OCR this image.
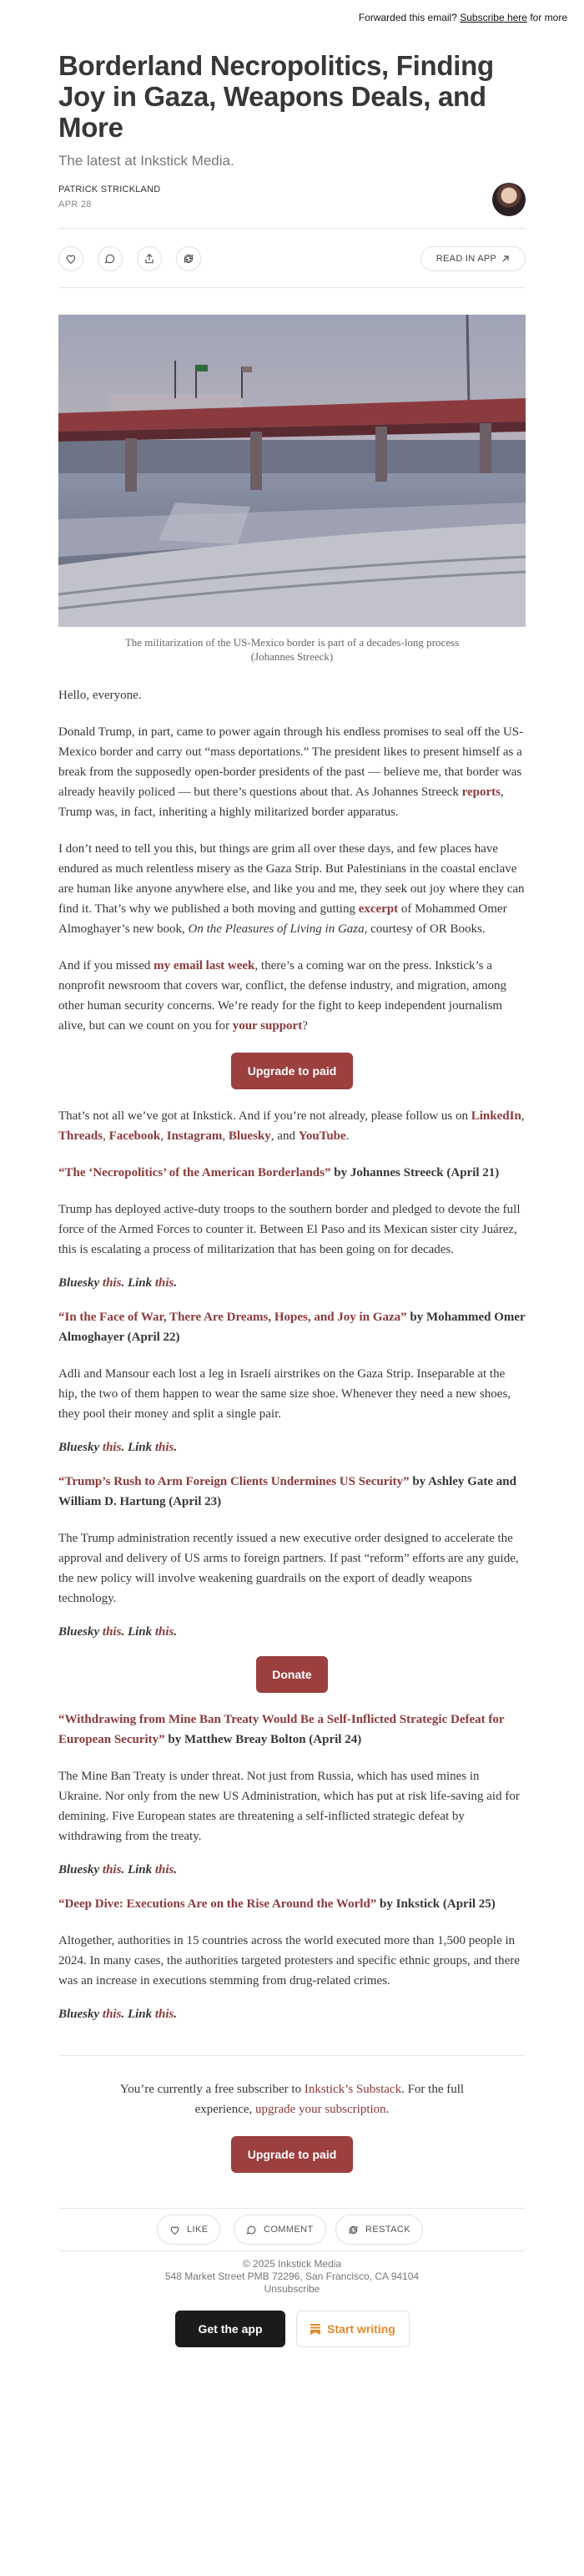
Forwarded this email? Subscribe here for more
Borderland Necropolitics, Finding Joy in Gaza, Weapons Deals, and More
The latest at Inkstick Media.
PATRICK STRICKLAND
APR 28
READ IN APP
The militarization of the US-Mexico border is part of a decades-long process (Johannes Streeck)

Hello, everyone.

Donald Trump, in part, came to power again through his endless promises to seal off the US-Mexico border and carry out “mass deportations.” The president likes to present himself as a break from the supposedly open-border presidents of the past — believe me, that border was already heavily policed — but there’s questions about that. As Johannes Streeck reports, Trump was, in fact, inheriting a highly militarized border apparatus.

I don’t need to tell you this, but things are grim all over these days, and few places have endured as much relentless misery as the Gaza Strip. But Palestinians in the coastal enclave are human like anyone anywhere else, and like you and me, they seek out joy where they can find it. That’s why we published a both moving and gutting excerpt of Mohammed Omer Almoghayer’s new book, On the Pleasures of Living in Gaza, courtesy of OR Books.

And if you missed my email last week, there’s a coming war on the press. Inkstick’s a nonprofit newsroom that covers war, conflict, the defense industry, and migration, among other human security concerns. We’re ready for the fight to keep independent journalism alive, but can we count on you for your support?

Upgrade to paid

That’s not all we’ve got at Inkstick. And if you’re not already, please follow us on LinkedIn, Threads, Facebook, Instagram, Bluesky, and YouTube.

“The ‘Necropolitics’ of the American Borderlands” by Johannes Streeck (April 21)

Trump has deployed active-duty troops to the southern border and pledged to devote the full force of the Armed Forces to counter it. Between El Paso and its Mexican sister city Juárez, this is escalating a process of militarization that has been going on for decades.

Bluesky this. Link this.

“In the Face of War, There Are Dreams, Hopes, and Joy in Gaza” by Mohammed Omer Almoghayer (April 22)

Adli and Mansour each lost a leg in Israeli airstrikes on the Gaza Strip. Inseparable at the hip, the two of them happen to wear the same size shoe. Whenever they need a new shoes, they pool their money and split a single pair.

Bluesky this. Link this.

“Trump’s Rush to Arm Foreign Clients Undermines US Security” by Ashley Gate and William D. Hartung (April 23)

The Trump administration recently issued a new executive order designed to accelerate the approval and delivery of US arms to foreign partners. If past “reform” efforts are any guide, the new policy will involve weakening guardrails on the export of deadly weapons technology.

Bluesky this. Link this.

Donate
“Withdrawing from Mine Ban Treaty Would Be a Self-Inflicted Strategic Defeat for European Security” by Matthew Breay Bolton (April 24)

The Mine Ban Treaty is under threat. Not just from Russia, which has used mines in Ukraine. Nor only from the new US Administration, which has put at risk life-saving aid for demining. Five European states are threatening a self-inflicted strategic defeat by withdrawing from the treaty.

Bluesky this. Link this.

“Deep Dive: Executions Are on the Rise Around the World” by Inkstick (April 25)

Altogether, authorities in 15 countries across the world executed more than 1,500 people in 2024. In many cases, the authorities targeted protesters and specific ethnic groups, and there was an increase in executions stemming from drug-related crimes.

Bluesky this. Link this.

You’re currently a free subscriber to Inkstick’s Substack. For the full experience, upgrade your subscription.

Upgrade to paid
LIKE	COMMENT	RESTACK
© 2025 Inkstick Media
548 Market Street PMB 72296, San Francisco, CA 94104
Unsubscribe
Get the app	Start writing
